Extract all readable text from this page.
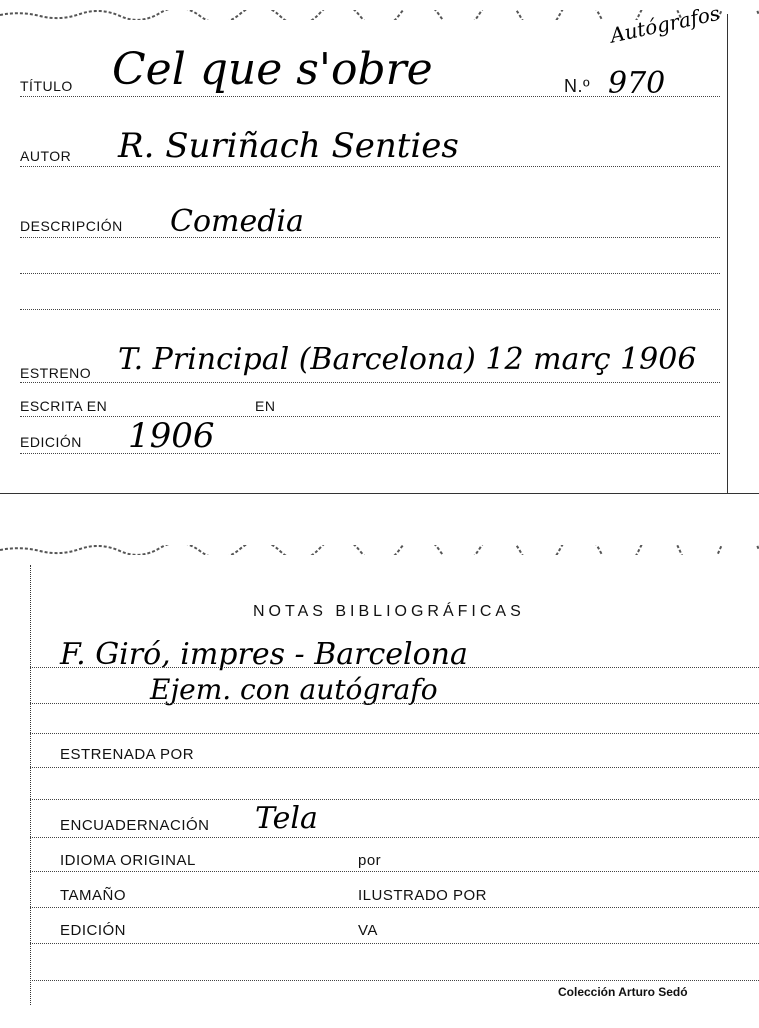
TÍTULO Cel que s'obre	N.º 970
Autógrafos
AUTOR R. Suriñach Senties
DESCRIPCIÓN Comedia
ESTRENO T. Principal (Barcelona) 12 març 1906
ESCRITA EN	EN
EDICIÓN 1906
NOTAS BIBLIOGRÁFICAS
F. Giró, impres - Barcelona
Ejem. con autógrafo
ESTRENADA POR
ENCUADERNACIÓN Tela
IDIOMA ORIGINAL	por
TAMAÑO	ILUSTRADO POR
EDICIÓN	VA
Colección Arturo Sedó
